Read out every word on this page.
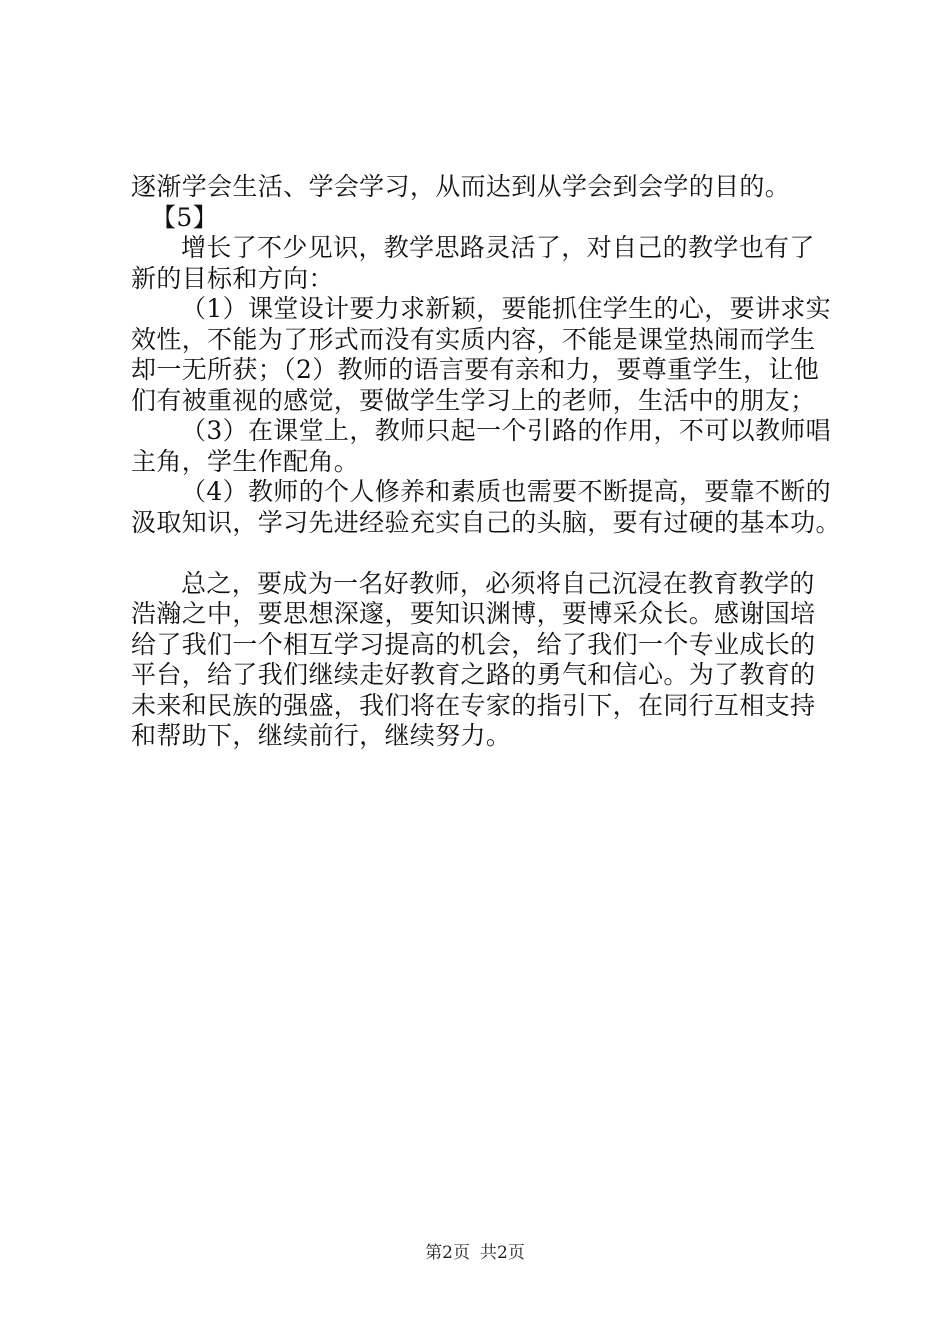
逐渐学会生活、学会学习，从而达到从学会到会学的目的。
【5】
增长了不少见识，教学思路灵活了，对自己的教学也有了
新的目标和方向：
（1）课堂设计要力求新颖，要能抓住学生的心，要讲求实
效性，不能为了形式而没有实质内容，不能是课堂热闹而学生
却一无所获；（2）教师的语言要有亲和力，要尊重学生，让他
们有被重视的感觉，要做学生学习上的老师，生活中的朋友；
（3）在课堂上，教师只起一个引路的作用，不可以教师唱
主角，学生作配角。
（4）教师的个人修养和素质也需要不断提高，要靠不断的
汲取知识，学习先进经验充实自己的头脑，要有过硬的基本功。
总之，要成为一名好教师，必须将自己沉浸在教育教学的
浩瀚之中，要思想深邃，要知识渊博，要博采众长。感谢国培
给了我们一个相互学习提高的机会，给了我们一个专业成长的
平台，给了我们继续走好教育之路的勇气和信心。为了教育的
未来和民族的强盛，我们将在专家的指引下，在同行互相支持
和帮助下，继续前行，继续努力。
第2页 共2页
